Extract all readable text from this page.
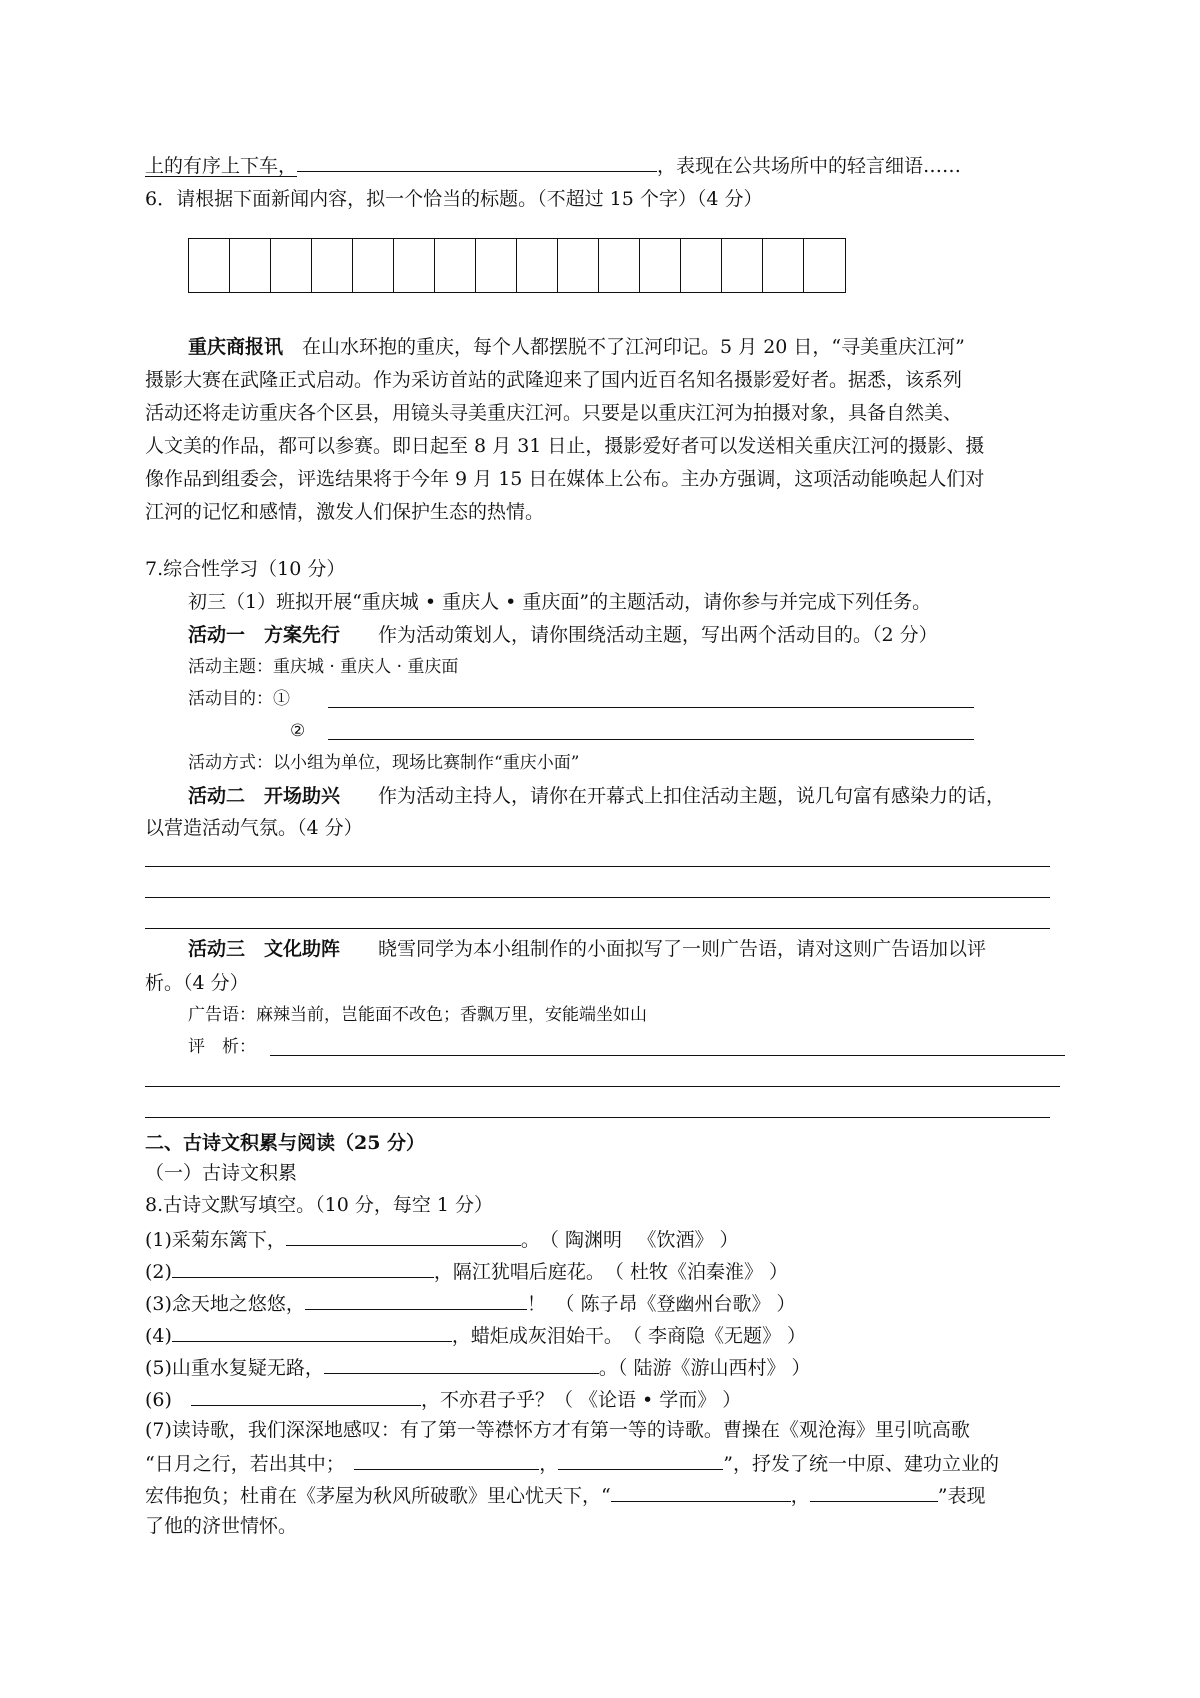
上的有序上下车，	，表现在公共场所中的轻言细语……
6．请根据下面新闻内容，拟一个恰当的标题。（不超过 15 个字）（4 分）
重庆商报讯　 在山水环抱的重庆，每个人都摆脱不了江河印记。5 月 20 日，“寻美重庆江河”
摄影大赛在武隆正式启动。作为采访首站的武隆迎来了国内近百名知名摄影爱好者。据悉，该系列
活动还将走访重庆各个区县，用镜头寻美重庆江河。只要是以重庆江河为拍摄对象，具备自然美、
人文美的作品，都可以参赛。即日起至 8 月 31 日止，摄影爱好者可以发送相关重庆江河的摄影、摄
像作品到组委会，评选结果将于今年 9 月 15 日在媒体上公布。主办方强调，这项活动能唤起人们对
江河的记忆和感情，激发人们保护生态的热情。
7.综合性学习（10 分）
初三（1）班拟开展“重庆城 • 重庆人 • 重庆面”的主题活动，请你参与并完成下列任务。
活动一　方案先行　　 作为活动策划人，请你围绕活动主题，写出两个活动目的。（2 分）
活动主题：重庆城 · 重庆人 · 重庆面
活动目的：①
②
活动方式：以小组为单位，现场比赛制作“重庆小面”
活动二　开场助兴　　 作为活动主持人，请你在开幕式上扣住活动主题，说几句富有感染力的话，
以营造活动气氛。（4 分）
活动三　文化助阵　　 晓雪同学为本小组制作的小面拟写了一则广告语，请对这则广告语加以评
析。（4 分）
广告语：麻辣当前，岂能面不改色；香飘万里，安能端坐如山
评　析：
二、古诗文积累与阅读（25 分）
（一）古诗文积累
8.古诗文默写填空。（10 分，每空 1 分）
(1)采菊东篱下，	。　（ 陶渊明 　《饮酒》 ）
(2)	，隔江犹唱后庭花。　（ 杜牧《泊秦淮》 ）
(3)念天地之悠悠，	！　（ 陈子昂《登幽州台歌》 ）
(4)	，蜡炬成灰泪始干。　（ 李商隐《无题》 ）
(5)山重水复疑无路，	。（ 陆游《游山西村》 ）
(6)　	，不亦君子乎？（ 《论语 • 学而》 ）
(7)读诗歌，我们深深地感叹：有了第一等襟怀方才有第一等的诗歌。曹操在《观沧海》里引吭高歌
“日月之行，若出其中；　	，	”，抒发了统一中原、建功立业的
宏伟抱负；杜甫在《茅屋为秋风所破歌》里心忧天下，“	，	”表现
了他的济世情怀。
